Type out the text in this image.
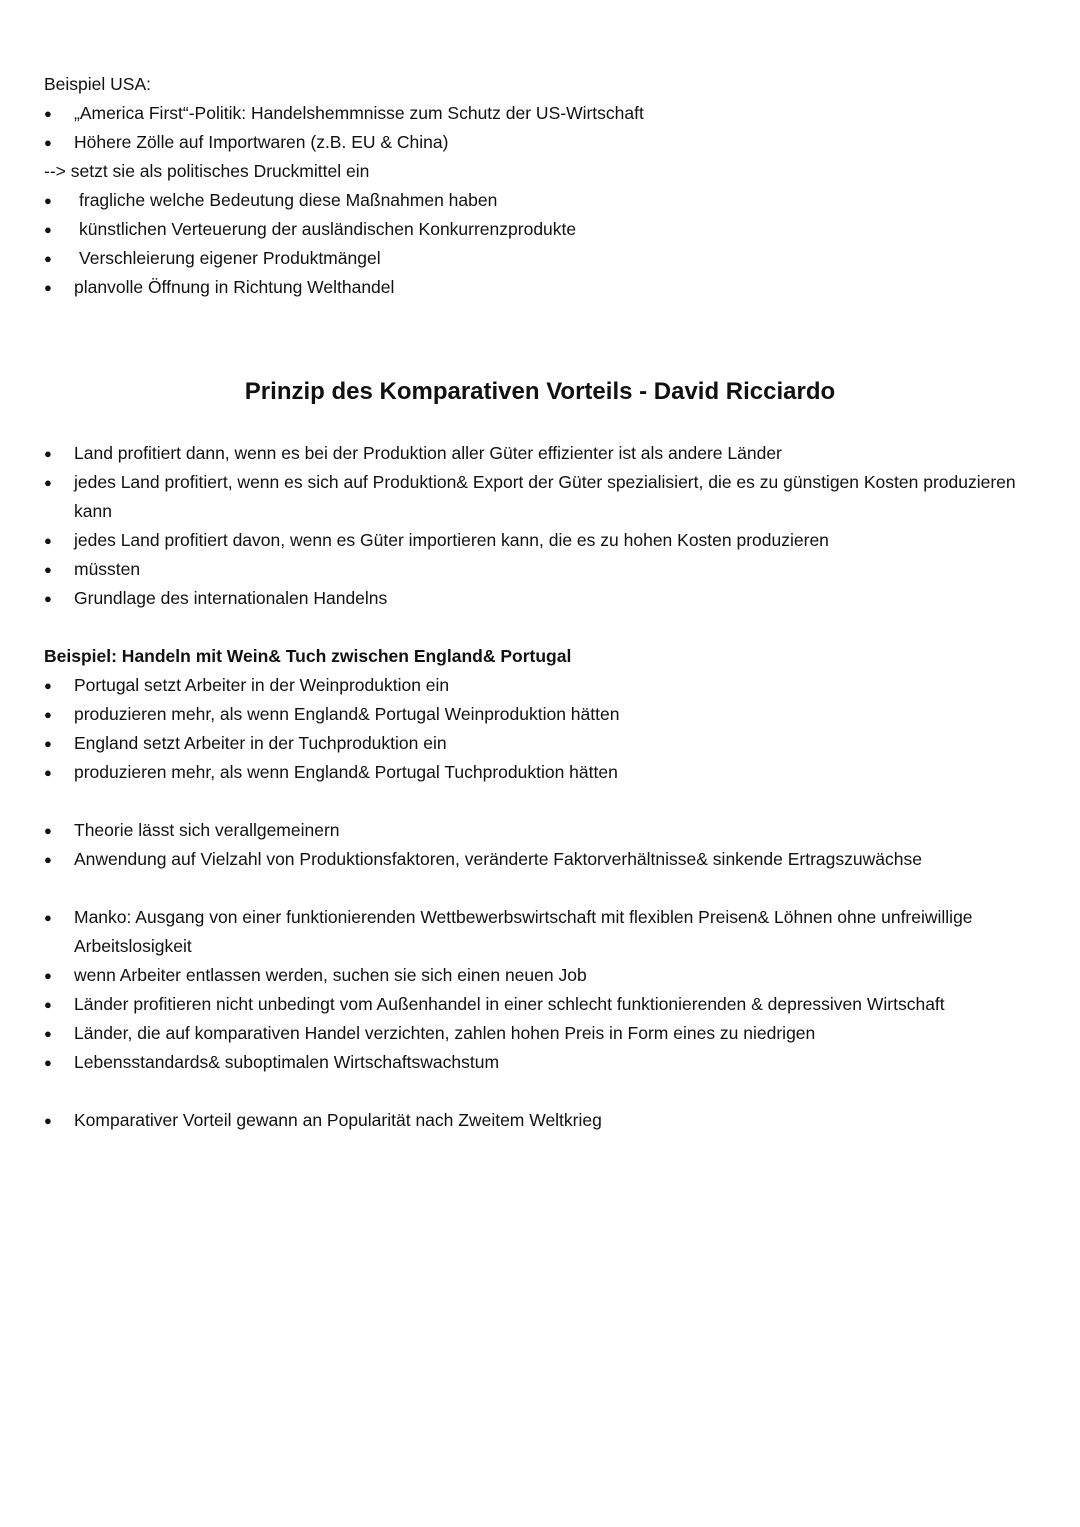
Beispiel USA:

● „America First“-Politik: Handelshemmnisse zum Schutz der US-Wirtschaft
● Höhere Zölle auf Importwaren (z.B. EU & China)

--> setzt sie als politisches Druckmittel ein

● fragliche welche Bedeutung diese Maßnahmen haben
● künstlichen Verteuerung der ausländischen Konkurrenzprodukte
● Verschleierung eigener Produktmängel
● planvolle Öffnung in Richtung Welthandel
Prinzip des Komparativen Vorteils - David Ricciardo
● Land profitiert dann, wenn es bei der Produktion aller Güter effizienter ist als andere Länder
● jedes Land profitiert, wenn es sich auf Produktion& Export der Güter spezialisiert, die es zu günstigen Kosten produzieren kann
● jedes Land profitiert davon, wenn es Güter importieren kann, die es zu hohen Kosten produzieren
● müssten
● Grundlage des internationalen Handelns

Beispiel: Handeln mit Wein& Tuch zwischen England& Portugal

● Portugal setzt Arbeiter in der Weinproduktion ein
● produzieren mehr, als wenn England& Portugal Weinproduktion hätten
● England setzt Arbeiter in der Tuchproduktion ein
● produzieren mehr, als wenn England& Portugal Tuchproduktion hätten
● Theorie lässt sich verallgemeinern
● Anwendung auf Vielzahl von Produktionsfaktoren, veränderte Faktorverhältnisse& sinkende Ertragszuwächse
● Manko: Ausgang von einer funktionierenden Wettbewerbswirtschaft mit flexiblen Preisen& Löhnen ohne unfreiwillige Arbeitslosigkeit
● wenn Arbeiter entlassen werden, suchen sie sich einen neuen Job
● Länder profitieren nicht unbedingt vom Außenhandel in einer schlecht funktionierenden & depressiven Wirtschaft
● Länder, die auf komparativen Handel verzichten, zahlen hohen Preis in Form eines zu niedrigen
● Lebensstandards& suboptimalen Wirtschaftswachstum
● Komparativer Vorteil gewann an Popularität nach Zweitem Weltkrieg
